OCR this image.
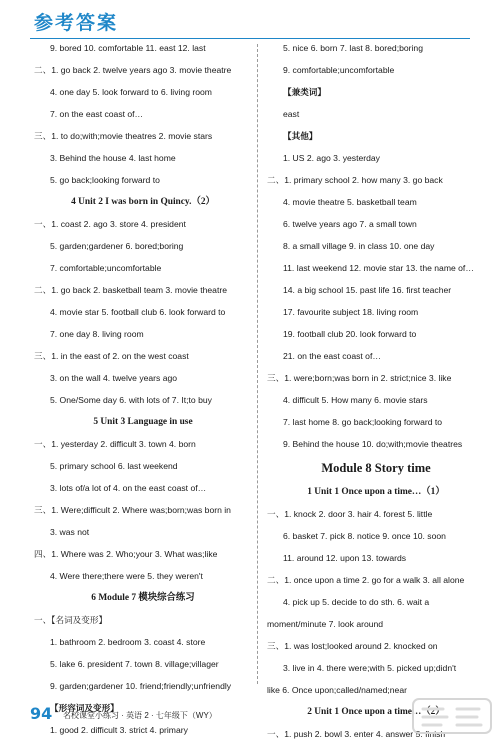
参考答案
9. bored 10. comfortable 11. east 12. last
二、1. go back 2. twelve years ago 3. movie theatre
4. one day 5. look forward to 6. living room
7. on the east coast of…
三、1. to do;with;movie theatres 2. movie stars
3. Behind the house 4. last home
5. go back;looking forward to
4 Unit 2 I was born in Quincy.（2）
一、1. coast 2. ago 3. store 4. president
5. garden;gardener 6. bored;boring
7. comfortable;uncomfortable
二、1. go back 2. basketball team 3. movie theatre
4. movie star 5. football club 6. look forward to
7. one day 8. living room
三、1. in the east of 2. on the west coast
3. on the wall 4. twelve years ago
5. One/Some day 6. with lots of 7. It;to buy
5 Unit 3 Language in use
一、1. yesterday 2. difficult 3. town 4. born
5. primary school 6. last weekend
3. lots of/a lot of 4. on the east coast of…
三、1. Were;difficult 2. Where was;born;was born in
3. was not
四、1. Where was 2. Who;your 3. What was;like
4. Were there;there were 5. they weren't
6 Module 7 模块综合练习
一、【名词及变形】
1. bathroom 2. bedroom 3. coast 4. store
5. lake 6. president 7. town 8. village;villager
9. garden;gardener 10. friend;friendly;unfriendly
【形容词及变形】
1. good 2. difficult 3. strict 4. primary
5. nice 6. born 7. last 8. bored;boring
9. comfortable;uncomfortable
【兼类词】
east
【其他】
1. US 2. ago 3. yesterday
二、1. primary school 2. how many 3. go back
4. movie theatre 5. basketball team
6. twelve years ago 7. a small town
8. a small village 9. in class 10. one day
11. last weekend 12. movie star 13. the name of…
14. a big school 15. past life 16. first teacher
17. favourite subject 18. living room
19. football club 20. look forward to
21. on the east coast of…
三、1. were;born;was born in 2. strict;nice 3. like
4. difficult 5. How many 6. movie stars
7. last home 8. go back;looking forward to
9. Behind the house 10. do;with;movie theatres
Module 8 Story time
1 Unit 1 Once upon a time…（1）
一、1. knock 2. door 3. hair 4. forest 5. little
6. basket 7. pick 8. notice 9. once 10. soon
11. around 12. upon 13. towards
二、1. once upon a time 2. go for a walk 3. all alone
4. pick up 5. decide to do sth. 6. wait a
moment/minute 7. look around
三、1. was lost;looked around 2. knocked on
3. live in 4. there were;with 5. picked up;didn't
like 6. Once upon;called/named;near
2 Unit 1 Once upon a time…（2）
一、1. push 2. bowl 3. enter 4. answer 5. finish
94 名校课堂小练习 · 英语 2 · 七年级下（WY）
